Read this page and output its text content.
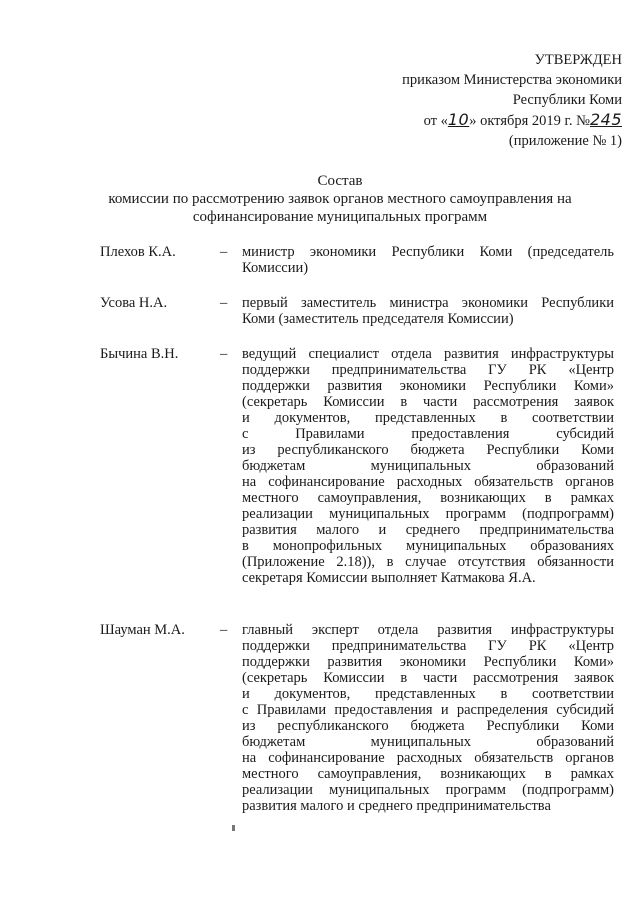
УТВЕРЖДЕН
приказом Министерства экономики
Республики Коми
от «10» октября 2019 г. №245
(приложение № 1)
Состав
комиссии по рассмотрению заявок органов местного самоуправления на
софинансирование муниципальных программ
Плехов К.А.	– министр экономики Республики Коми (председатель
Комиссии)
Усова Н.А.	– первый заместитель министра экономики Республики
Коми (заместитель председателя Комиссии)
Бычина В.Н.	– ведущий специалист отдела развития инфраструктуры
поддержки предпринимательства ГУ РК «Центр
поддержки развития экономики Республики Коми»
(секретарь Комиссии в части рассмотрения заявок
и документов, представленных в соответствии
с Правилами предоставления субсидий
из республиканского бюджета Республики Коми
бюджетам муниципальных образований
на софинансирование расходных обязательств органов
местного самоуправления, возникающих в рамках
реализации муниципальных программ (подпрограмм)
развития малого и среднего предпринимательства
в монопрофильных муниципальных образованиях
(Приложение 2.18)), в случае отсутствия обязанности
секретаря Комиссии выполняет Катмакова Я.А.
Шауман М.А. – главный эксперт отдела развития инфраструктуры
поддержки предпринимательства ГУ РК «Центр
поддержки развития экономики Республики Коми»
(секретарь Комиссии в части рассмотрения заявок
и документов, представленных в соответствии
с Правилами предоставления и распределения субсидий
из республиканского бюджета Республики Коми
бюджетам муниципальных образований
на софинансирование расходных обязательств органов
местного самоуправления, возникающих в рамках
реализации муниципальных программ (подпрограмм)
развития малого и среднего предпринимательства
